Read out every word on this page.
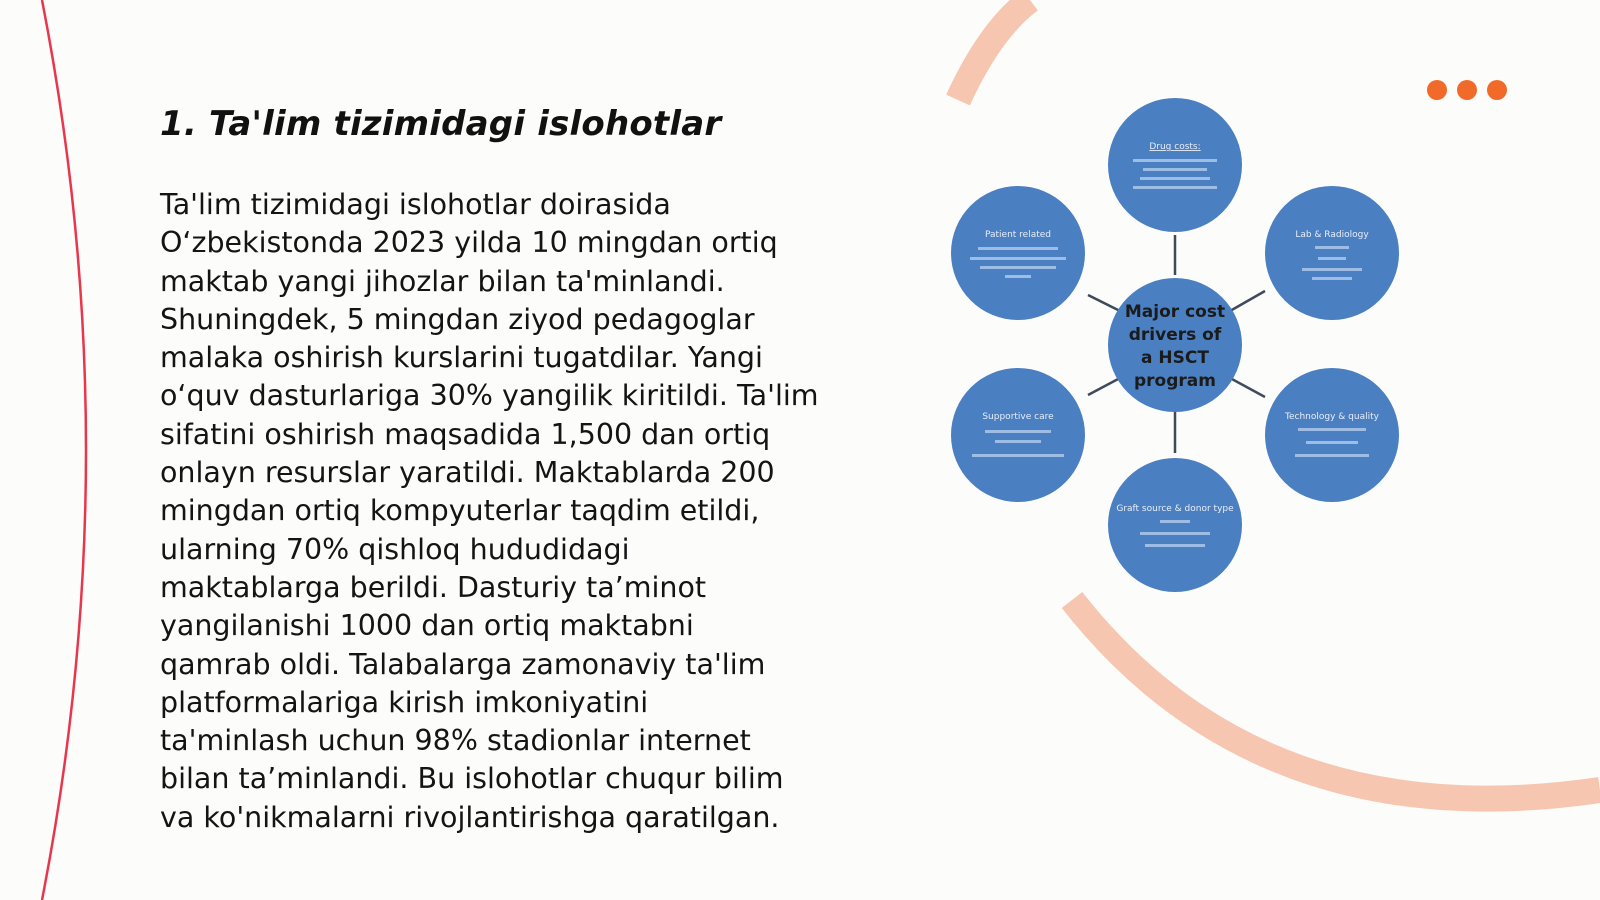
1. Ta'lim tizimidagi islohotlar

Ta'lim tizimidagi islohotlar doirasida
O‘zbekistonda 2023 yilda 10 mingdan ortiq
maktab yangi jihozlar bilan ta'minlandi.
Shuningdek, 5 mingdan ziyod pedagoglar
malaka oshirish kurslarini tugatdilar. Yangi
o‘quv dasturlariga 30% yangilik kiritildi. Ta'lim
sifatini oshirish maqsadida 1,500 dan ortiq
onlayn resurslar yaratildi. Maktablarda 200
mingdan ortiq kompyuterlar taqdim etildi,
ularning 70% qishloq hududidagi
maktablarga berildi. Dasturiy ta’minot
yangilanishi 1000 dan ortiq maktabni
qamrab oldi. Talabalarga zamonaviy ta'lim
platformalariga kirish imkoniyatini
ta'minlash uchun 98% stadionlar internet
bilan ta’minlandi. Bu islohotlar chuqur bilim
va ko'nikmalarni rivojlantirishga qaratilgan.

Major cost
drivers of
a HSCT
program
Drug costs:
Lab & Radiology
Technology & quality
Graft source & donor type
Supportive care
Patient related
